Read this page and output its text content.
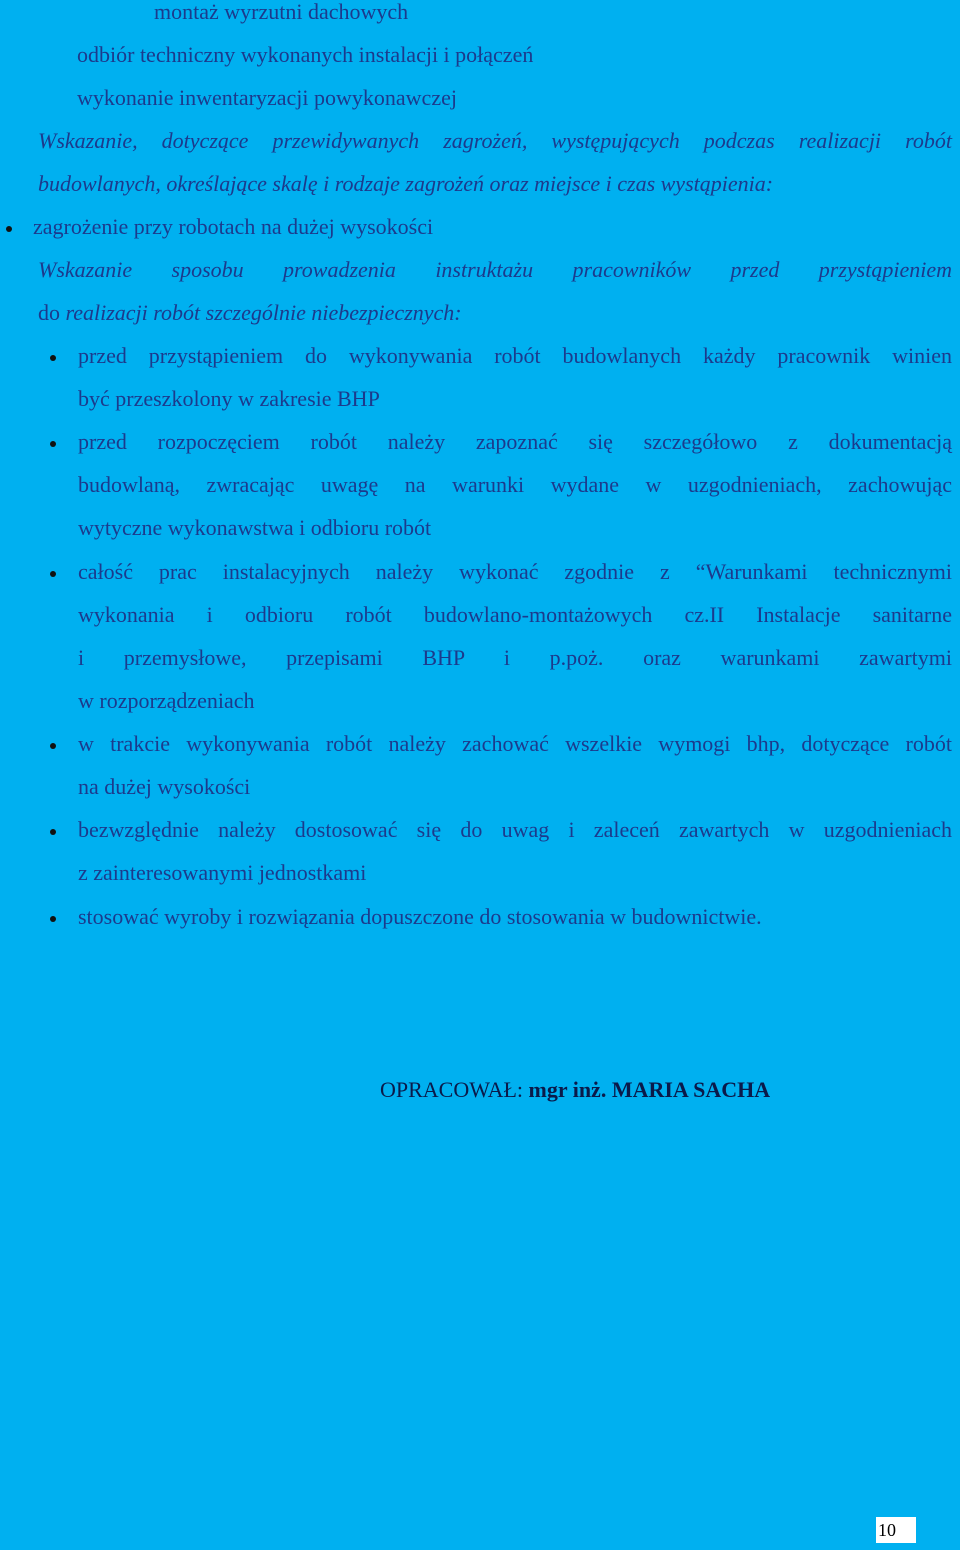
montaż wyrzutni dachowych
odbiór techniczny wykonanych instalacji i połączeń
wykonanie inwentaryzacji powykonawczej
Wskazanie, dotyczące przewidywanych zagrożeń, występujących podczas realizacji robót
budowlanych, określające skalę i rodzaje zagrożeń oraz miejsce i czas wystąpienia:
zagrożenie przy robotach na dużej wysokości
Wskazanie sposobu prowadzenia instruktażu pracowników przed przystąpieniem
do realizacji robót szczególnie niebezpiecznych:
przed przystąpieniem do wykonywania robót budowlanych każdy pracownik winien
być przeszkolony w zakresie BHP
przed rozpoczęciem robót należy zapoznać się szczegółowo z dokumentacją
budowlaną, zwracając uwagę na warunki wydane w uzgodnieniach, zachowując
wytyczne wykonawstwa i odbioru robót
całość prac instalacyjnych należy wykonać zgodnie z “Warunkami technicznymi
wykonania i odbioru robót budowlano-montażowych cz.II Instalacje sanitarne
i przemysłowe, przepisami BHP i p.poż. oraz warunkami zawartymi
w rozporządzeniach
w trakcie wykonywania robót należy zachować wszelkie wymogi bhp, dotyczące robót
na dużej wysokości
bezwzględnie należy dostosować się do uwag i zaleceń zawartych w uzgodnieniach
z zainteresowanymi jednostkami
stosować wyroby i rozwiązania dopuszczone do stosowania w budownictwie.
OPRACOWAŁ: mgr inż. MARIA SACHA
10
